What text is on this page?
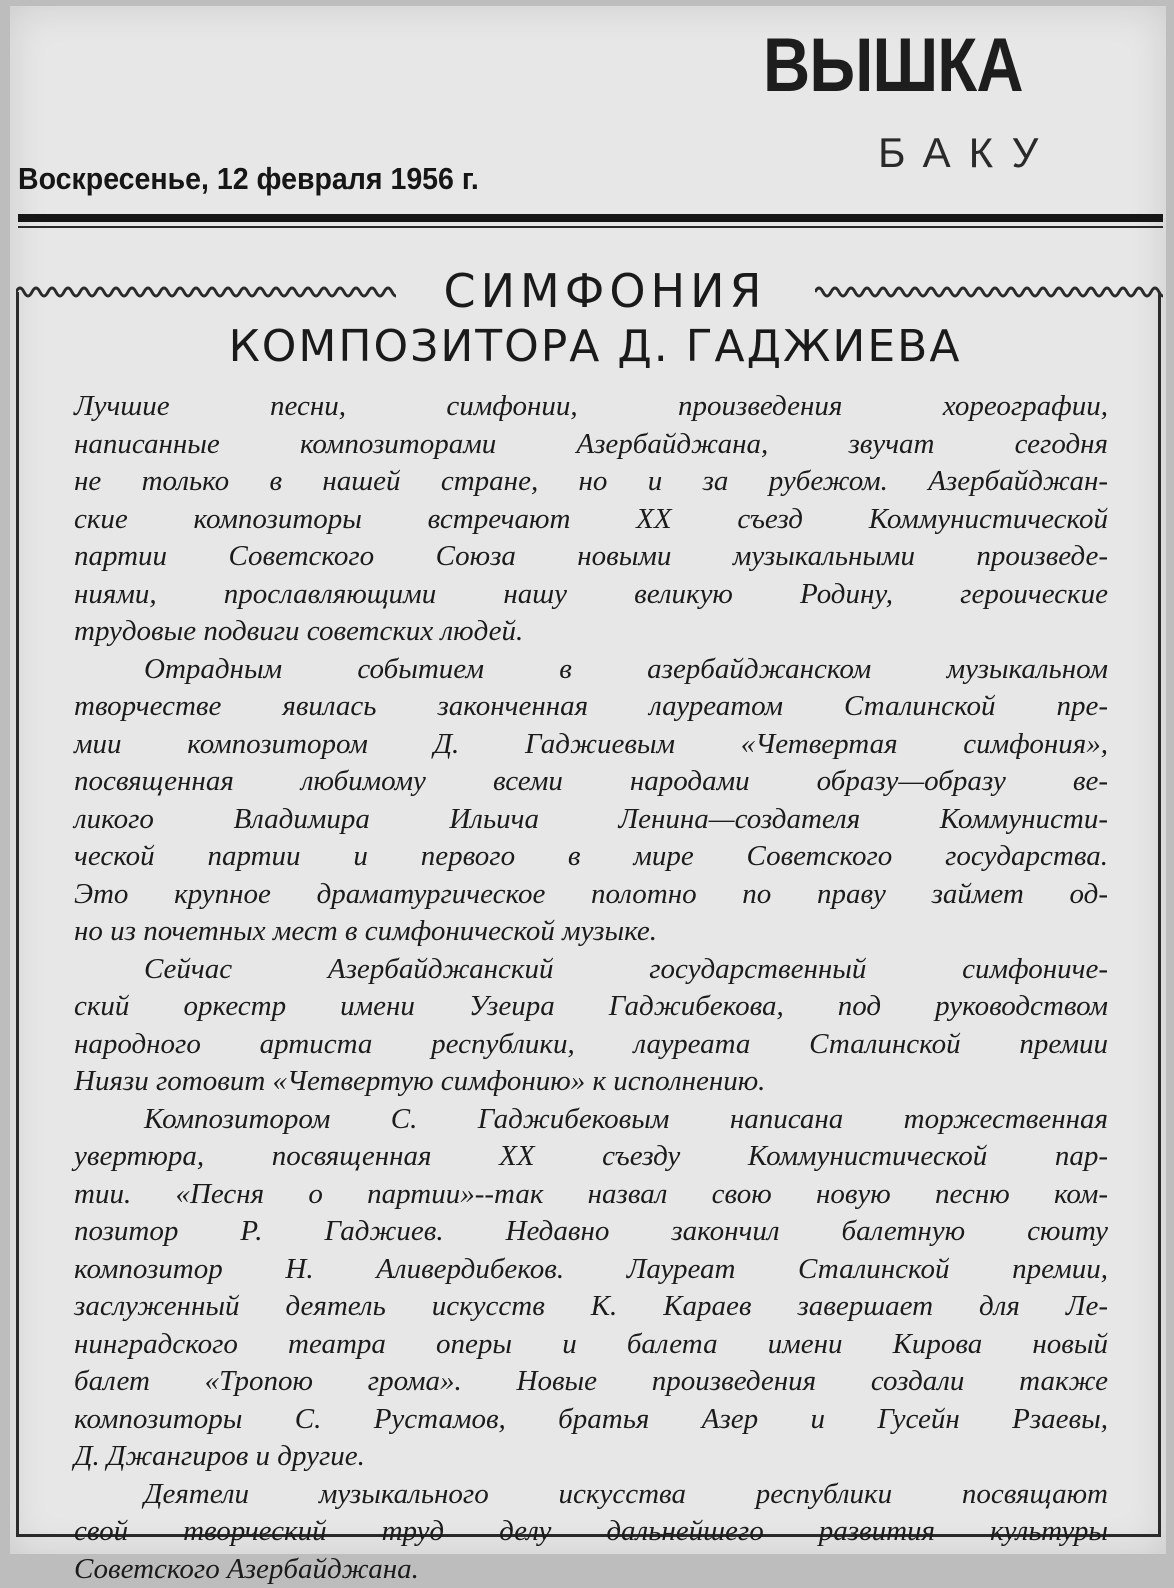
ВЫШКА
БАКУ
Воскресенье, 12 февраля 1956 г.
СИМФОНИЯ
КОМПОЗИТОРА Д. ГАДЖИЕВА
Лучшие песни, симфонии, произведения хореографии,
написанные композиторами Азербайджана, звучат сегодня
не только в нашей стране, но и за рубежом. Азербайджан-
ские композиторы встречают XX съезд Коммунистической
партии Советского Союза новыми музыкальными произведе-
ниями, прославляющими нашу великую Родину, героические
трудовые подвиги советских людей.
Отрадным событием в азербайджанском музыкальном
творчестве явилась законченная лауреатом Сталинской пре-
мии композитором Д. Гаджиевым «Четвертая симфония»,
посвященная любимому всеми народами образу—образу ве-
ликого Владимира Ильича Ленина—создателя Коммунисти-
ческой партии и первого в мире Советского государства.
Это крупное драматургическое полотно по праву займет од-
но из почетных мест в симфонической музыке.
Сейчас Азербайджанский государственный симфониче-
ский оркестр имени Узеира Гаджибекова, под руководством
народного артиста республики, лауреата Сталинской премии
Ниязи готовит «Четвертую симфонию» к исполнению.
Композитором С. Гаджибековым написана торжественная
увертюра, посвященная XX съезду Коммунистической пар-
тии. «Песня о партии»--так назвал свою новую песню ком-
позитор Р. Гаджиев. Недавно закончил балетную сюиту
композитор Н. Аливердибеков. Лауреат Сталинской премии,
заслуженный деятель искусств К. Караев завершает для Ле-
нинградского театра оперы и балета имени Кирова новый
балет «Тропою грома». Новые произведения создали также
композиторы С. Рустамов, братья Азер и Гусейн Рзаевы,
Д. Джангиров и другие.
Деятели музыкального искусства республики посвящают
свой творческий труд делу дальнейшего развития культуры
Советского Азербайджана.
